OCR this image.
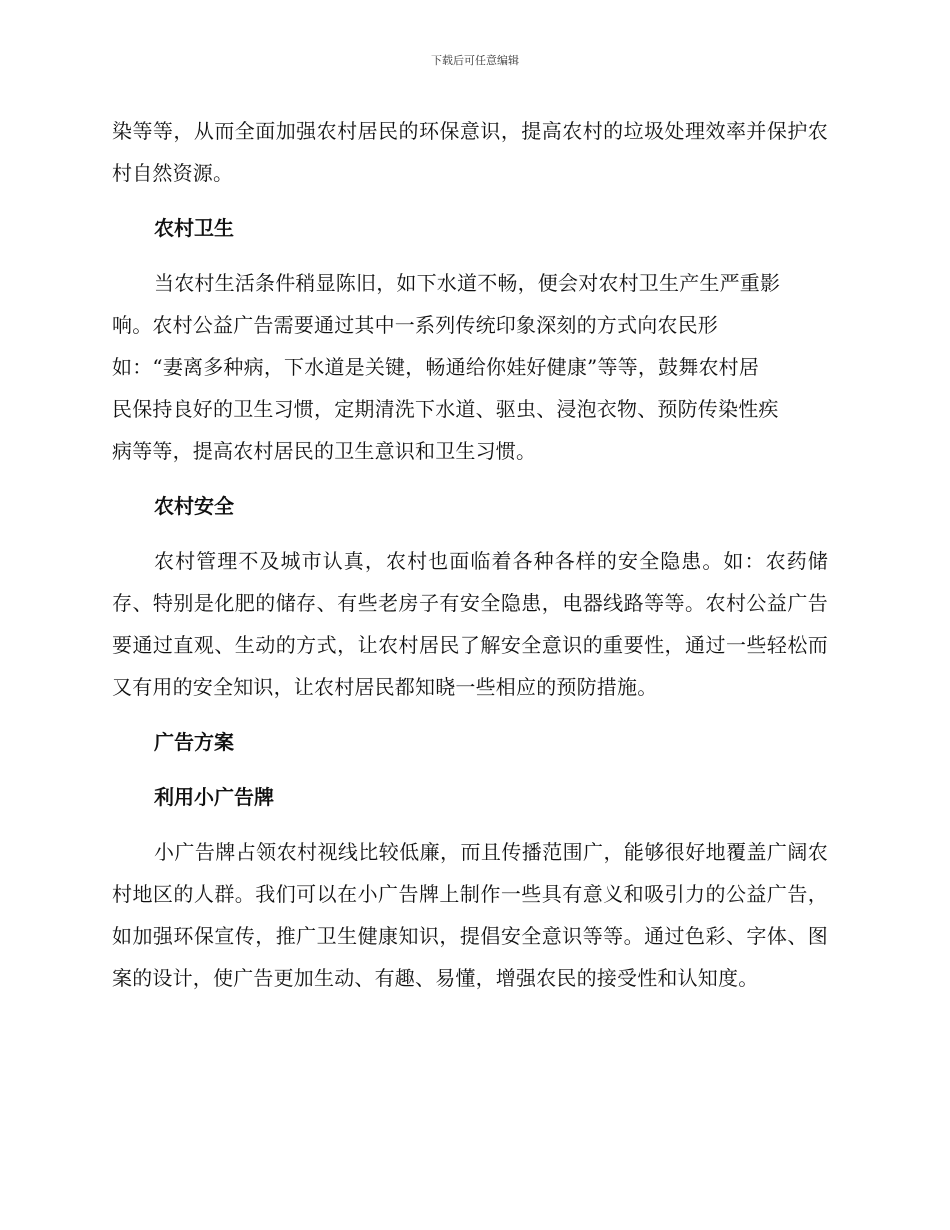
下载后可任意编辑

染等等，从而全面加强农村居民的环保意识，提高农村的垃圾处理效率并保护农村自然资源。

农村卫生

当农村生活条件稍显陈旧，如下水道不畅，便会对农村卫生产生严重影

响。农村公益广告需要通过其中一系列传统印象深刻的方式向农民形

如：“妻离多种病，下水道是关键，畅通给你娃好健康”等等，鼓舞农村居

民保持良好的卫生习惯，定期清洗下水道、驱虫、浸泡衣物、预防传染性疾

病等等，提高农村居民的卫生意识和卫生习惯。

农村安全

农村管理不及城市认真，农村也面临着各种各样的安全隐患。如：农药储存、特别是化肥的储存、有些老房子有安全隐患，电器线路等等。农村公益广告要通过直观、生动的方式，让农村居民了解安全意识的重要性，通过一些轻松而又有用的安全知识，让农村居民都知晓一些相应的预防措施。

广告方案
利用小广告牌

小广告牌占领农村视线比较低廉，而且传播范围广，能够很好地覆盖广阔农村地区的人群。我们可以在小广告牌上制作一些具有意义和吸引力的公益广告，如加强环保宣传，推广卫生健康知识，提倡安全意识等等。通过色彩、字体、图案的设计，使广告更加生动、有趣、易懂，增强农民的接受性和认知度。
